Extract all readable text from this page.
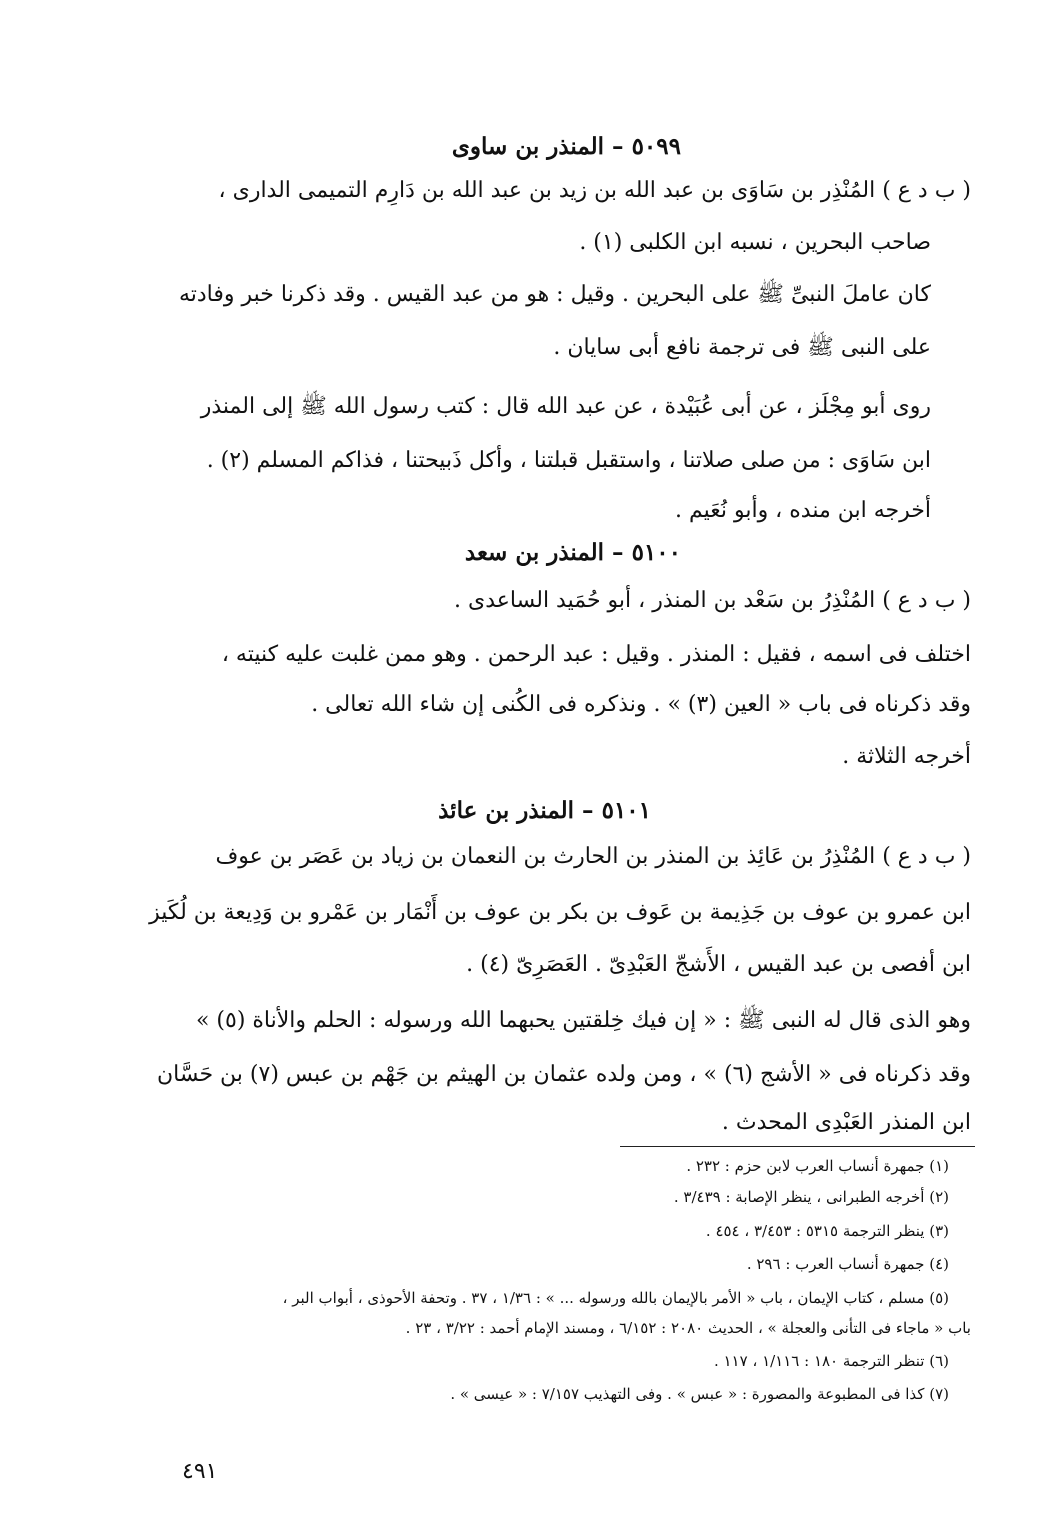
٥٠٩٩ – المنذر بن ساوى
( ب د ع ) المُنْذِر بن سَاوَى بن عبد الله بن زيد بن عبد الله بن دَارِم التميمى الدارى ،
صاحب البحرين ، نسبه ابن الكلبى (١) .
كان عاملَ النبىِّ ﷺ على البحرين . وقيل : هو من عبد القيس . وقد ذكرنا خبر وفادته
على النبى ﷺ فى ترجمة نافع أبى سايان .
روى أبو مِجْلَز ، عن أبى عُبَيْدة ، عن عبد الله قال : كتب رسول الله ﷺ إلى المنذر
ابن سَاوَى : من صلى صلاتنا ، واستقبل قبلتنا ، وأكل ذَبيحتنا ، فذاكم المسلم (٢) .
أخرجه ابن منده ، وأبو نُعَيم .
٥١٠٠ – المنذر بن سعد
( ب د ع ) المُنْذِرُ بن سَعْد بن المنذر ، أبو حُمَيد الساعدى .
اختلف فى اسمه ، فقيل : المنذر . وقيل : عبد الرحمن . وهو ممن غلبت عليه كنيته ،
وقد ذكرناه فى باب « العين (٣) » . ونذكره فى الكُنى إن شاء الله تعالى .
أخرجه الثلاثة .
٥١٠١ – المنذر بن عائذ
( ب د ع ) المُنْذِرُ بن عَائِذ بن المنذر بن الحارث بن النعمان بن زياد بن عَصَر بن عوف
ابن عمرو بن عوف بن جَذِيمة بن عَوف بن بكر بن عوف بن أَنْمَار بن عَمْرو بن وَدِيعة بن لُكَيز
ابن أفصى بن عبد القيس ، الأَشجّ العَبْدِىّ . العَصَرِىّ (٤) .
وهو الذى قال له النبى ﷺ : « إن فيك خِلقتين يحبهما الله ورسوله : الحلم والأناة (٥) »
وقد ذكرناه فى « الأشج (٦) » ، ومن ولده عثمان بن الهيثم بن جَهْم بن عبس (٧) بن حَسَّان
ابن المنذر العَبْدِى المحدث .
(١) جمهرة أنساب العرب لابن حزم : ٢٣٢ .
(٢) أخرجه الطبرانى ، ينظر الإصابة : ٣/٤٣٩ .
(٣) ينظر الترجمة ٥٣١٥ : ٣/٤٥٣ ، ٤٥٤ .
(٤) جمهرة أنساب العرب : ٢٩٦ .
(٥) مسلم ، كتاب الإيمان ، باب « الأمر بالإيمان بالله ورسوله ... » : ١/٣٦ ، ٣٧ . وتحفة الأحوذى ، أبواب البر ،
باب « ماجاء فى التأنى والعجلة » ، الحديث ٢٠٨٠ : ٦/١٥٢ ، ومسند الإمام أحمد : ٣/٢٢ ، ٢٣ .
(٦) تنظر الترجمة ١٨٠ : ١/١١٦ ، ١١٧ .
(٧) كذا فى المطبوعة والمصورة : « عبس » . وفى التهذيب ٧/١٥٧ : « عيسى » .
٤٩١
